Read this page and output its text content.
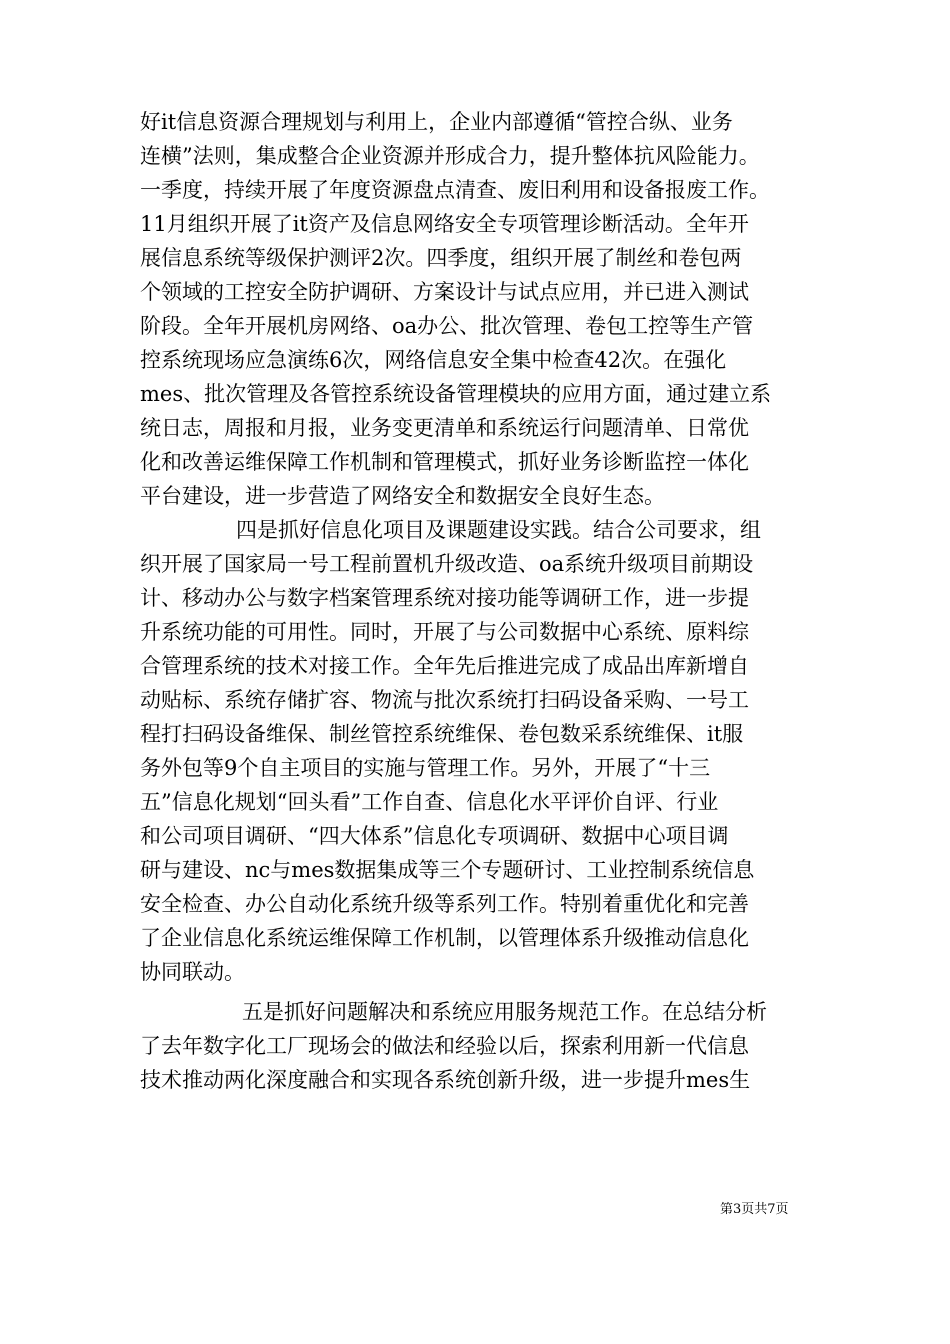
好it信息资源合理规划与利用上，企业内部遵循“管控合纵、业务
连横”法则，集成整合企业资源并形成合力，提升整体抗风险能力。
一季度，持续开展了年度资源盘点清查、废旧利用和设备报废工作。
11月组织开展了it资产及信息网络安全专项管理诊断活动。全年开
展信息系统等级保护测评2次。四季度，组织开展了制丝和卷包两
个领域的工控安全防护调研、方案设计与试点应用，并已进入测试
阶段。全年开展机房网络、oa办公、批次管理、卷包工控等生产管
控系统现场应急演练6次，网络信息安全集中检查42次。在强化
mes、批次管理及各管控系统设备管理模块的应用方面，通过建立系
统日志，周报和月报，业务变更清单和系统运行问题清单、日常优
化和改善运维保障工作机制和管理模式，抓好业务诊断监控一体化
平台建设，进一步营造了网络安全和数据安全良好生态。
四是抓好信息化项目及课题建设实践。结合公司要求，组
织开展了国家局一号工程前置机升级改造、oa系统升级项目前期设
计、移动办公与数字档案管理系统对接功能等调研工作，进一步提
升系统功能的可用性。同时，开展了与公司数据中心系统、原料综
合管理系统的技术对接工作。全年先后推进完成了成品出库新增自
动贴标、系统存储扩容、物流与批次系统打扫码设备采购、一号工
程打扫码设备维保、制丝管控系统维保、卷包数采系统维保、it服
务外包等9个自主项目的实施与管理工作。另外，开展了“十三
五”信息化规划“回头看”工作自查、信息化水平评价自评、行业
和公司项目调研、“四大体系”信息化专项调研、数据中心项目调
研与建设、nc与mes数据集成等三个专题研讨、工业控制系统信息
安全检查、办公自动化系统升级等系列工作。特别着重优化和完善
了企业信息化系统运维保障工作机制，以管理体系升级推动信息化
协同联动。
五是抓好问题解决和系统应用服务规范工作。在总结分析
了去年数字化工厂现场会的做法和经验以后，探索利用新一代信息
技术推动两化深度融合和实现各系统创新升级，进一步提升mes生
第3页共7页
